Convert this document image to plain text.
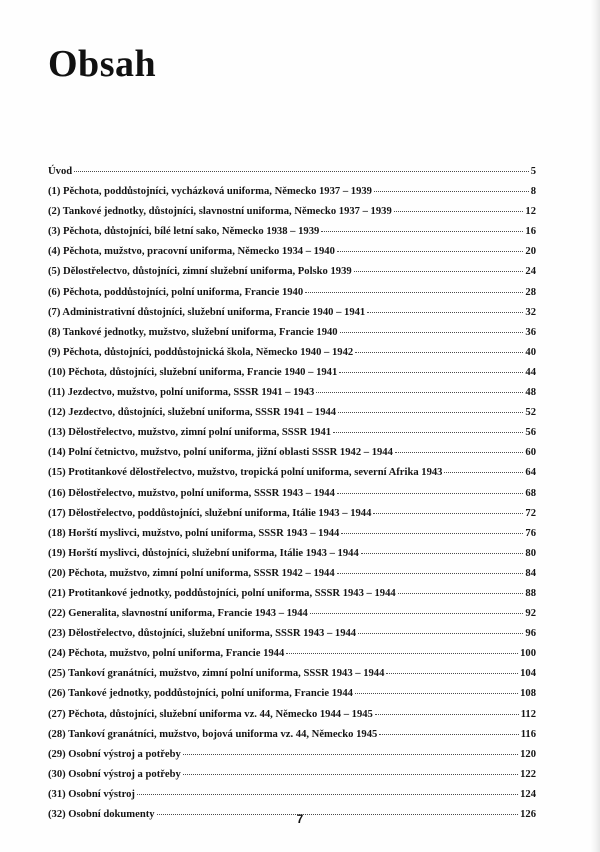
Obsah
Úvod	5
(1) Pěchota, poddůstojníci, vycházková uniforma, Německo 1937 – 1939	8
(2) Tankové jednotky, důstojníci, slavnostní uniforma, Německo 1937 – 1939	12
(3) Pěchota, důstojníci, bílé letní sako, Německo 1938 – 1939	16
(4) Pěchota, mužstvo, pracovní uniforma, Německo 1934 – 1940	20
(5) Dělostřelectvo, důstojníci, zimní služební uniforma, Polsko 1939	24
(6) Pěchota, poddůstojníci, polní uniforma, Francie 1940	28
(7) Administrativní důstojníci, služební uniforma, Francie 1940 – 1941	32
(8) Tankové jednotky, mužstvo, služební uniforma, Francie 1940	36
(9) Pěchota, důstojníci, poddůstojnická škola, Německo 1940 – 1942	40
(10) Pěchota, důstojníci, služební uniforma, Francie 1940 – 1941	44
(11) Jezdectvo, mužstvo, polní uniforma, SSSR 1941 – 1943	48
(12) Jezdectvo, důstojníci, služební uniforma, SSSR 1941 – 1944	52
(13) Dělostřelectvo, mužstvo, zimní polní uniforma, SSSR 1941	56
(14) Polní četnictvo, mužstvo, polní uniforma, jižní oblasti SSSR 1942 – 1944	60
(15) Protitankové dělostřelectvo, mužstvo, tropická polní uniforma, severní Afrika 1943	64
(16) Dělostřelectvo, mužstvo, polní uniforma, SSSR 1943 – 1944	68
(17) Dělostřelectvo, poddůstojníci, služební uniforma, Itálie 1943 – 1944	72
(18) Horští myslivci, mužstvo, polní uniforma, SSSR 1943 – 1944	76
(19) Horští myslivci, důstojníci, služební uniforma, Itálie 1943 – 1944	80
(20) Pěchota, mužstvo, zimní polní uniforma, SSSR 1942 – 1944	84
(21) Protitankové jednotky, poddůstojníci, polní uniforma, SSSR 1943 – 1944	88
(22) Generalita, slavnostní uniforma, Francie 1943 – 1944	92
(23) Dělostřelectvo, důstojníci, služební uniforma, SSSR 1943 – 1944	96
(24) Pěchota, mužstvo, polní uniforma, Francie 1944	100
(25) Tankoví granátníci, mužstvo, zimní polní uniforma, SSSR 1943 – 1944	104
(26) Tankové jednotky, poddůstojníci, polní uniforma, Francie 1944	108
(27) Pěchota, důstojníci, služební uniforma vz. 44, Německo 1944 – 1945	112
(28) Tankoví granátníci, mužstvo, bojová uniforma vz. 44, Německo 1945	116
(29) Osobní výstroj a potřeby	120
(30) Osobní výstroj a potřeby	122
(31) Osobní výstroj	124
(32) Osobní dokumenty	126
7
